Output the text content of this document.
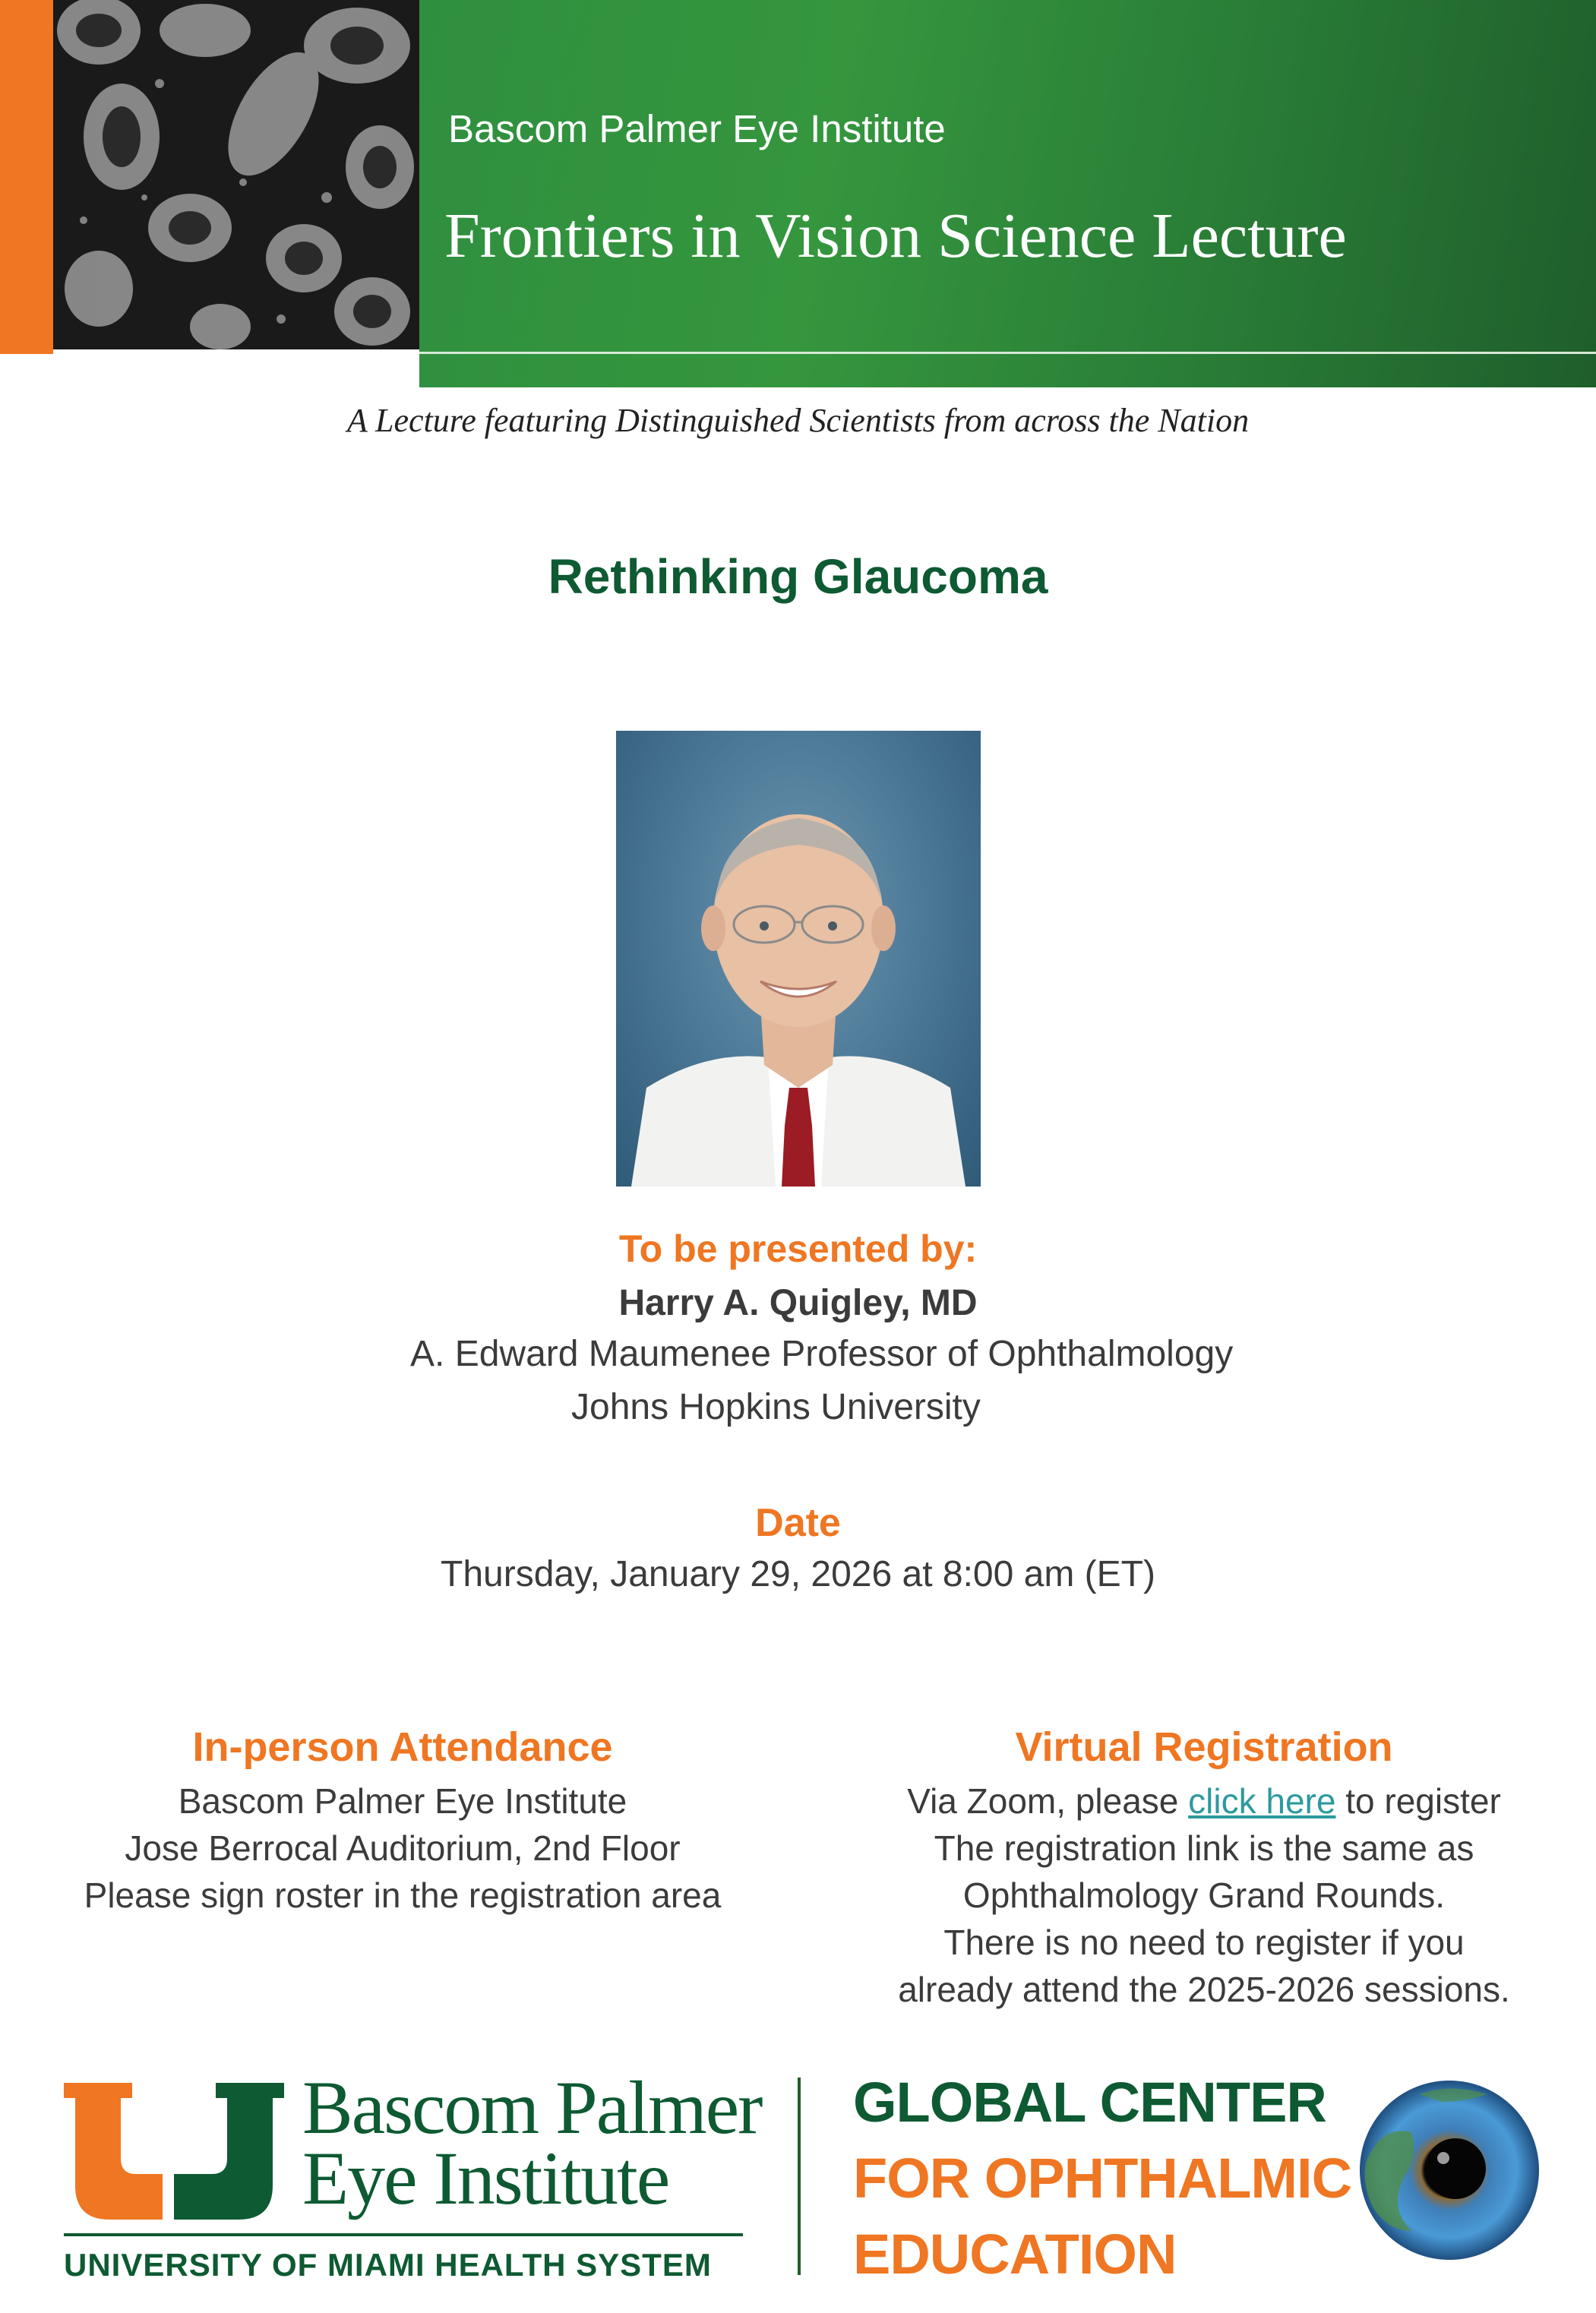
Bascom Palmer Eye Institute
Frontiers in Vision Science Lecture
A Lecture featuring Distinguished Scientists from across the Nation
Rethinking Glaucoma
To be presented by:
Harry A. Quigley, MD
A. Edward Maumenee Professor of Ophthalmology
Johns Hopkins University
Date
Thursday, January 29, 2026 at 8:00 am (ET)
In-person Attendance
Bascom Palmer Eye Institute
Jose Berrocal Auditorium, 2nd Floor
Please sign roster in the registration area
Virtual Registration
Via Zoom, please click here to register
The registration link is the same as
Ophthalmology Grand Rounds.
There is no need to register if you
already attend the 2025-2026 sessions.
Bascom Palmer
Eye Institute
UNIVERSITY OF MIAMI HEALTH SYSTEM
GLOBAL CENTER
FOR OPHTHALMIC
EDUCATION
